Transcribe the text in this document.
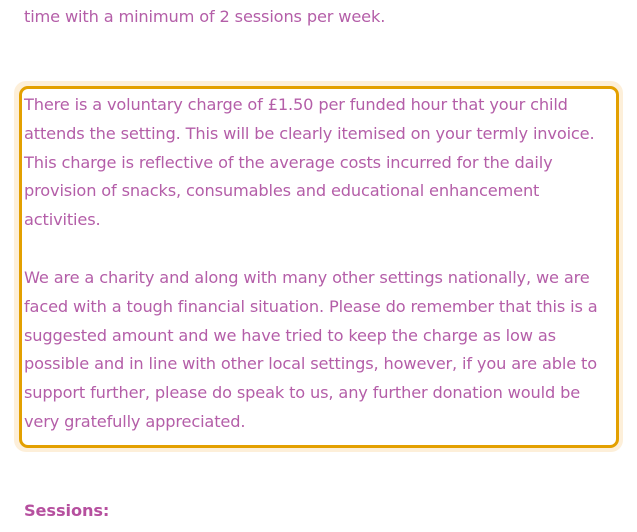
time with a minimum of 2 sessions per week.

There is a voluntary charge of £1.50 per funded hour that your child
attends the setting. This will be clearly itemised on your termly invoice.
This charge is reflective of the average costs incurred for the daily
provision of snacks, consumables and educational enhancement
activities.

We are a charity and along with many other settings nationally, we are
faced with a tough financial situation. Please do remember that this is a
suggested amount and we have tried to keep the charge as low as
possible and in line with other local settings, however, if you are able to
support further, please do speak to us, any further donation would be
very gratefully appreciated.

Sessions:
